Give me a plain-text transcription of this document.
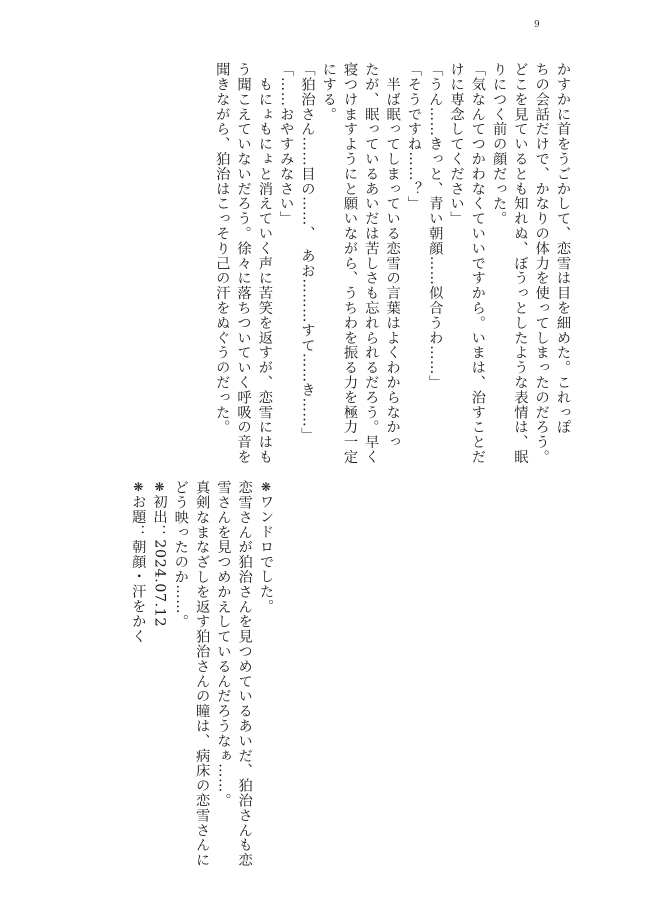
9

かすかに首をうごかして、恋雪は目を細めた。これっぽ

ちの会話だけで、かなりの体力を使ってしまったのだろう。

どこを見ているとも知れぬ、ぼうっとしたような表情は、眠

りにつく前の顔だった。

「気なんてつかわなくていいですから。いまは、治すことだ

けに専念してください」

「うん……きっと、青い朝顔……似合うわ……」

「そうですね……？」

　半ば眠ってしまっている恋雪の言葉はよくわからなかっ

たが、眠っているあいだは苦しさも忘れられるだろう。早く

寝つけますようにと願いながら、うちわを振る力を極力一定

にする。

「狛治さん……目の……、　あお………すて……き……」

「……おやすみなさい」

　もにょもにょと消えていく声に苦笑を返すが、恋雪にはも

う聞こえていないだろう。徐々に落ちついていく呼吸の音を

聞きながら、狛治はこっそり己の汗をぬぐうのだった。

❋ワンドロでした。

恋雪さんが狛治さんを見つめているあいだ、狛治さんも恋

雪さんを見つめかえしているんだろうなぁ……。

真剣なまなざしを返す狛治さんの瞳は、病床の恋雪さんに

どう映ったのか……。

❋初出：2024.07.12

❋お題：朝顔・汗をかく
